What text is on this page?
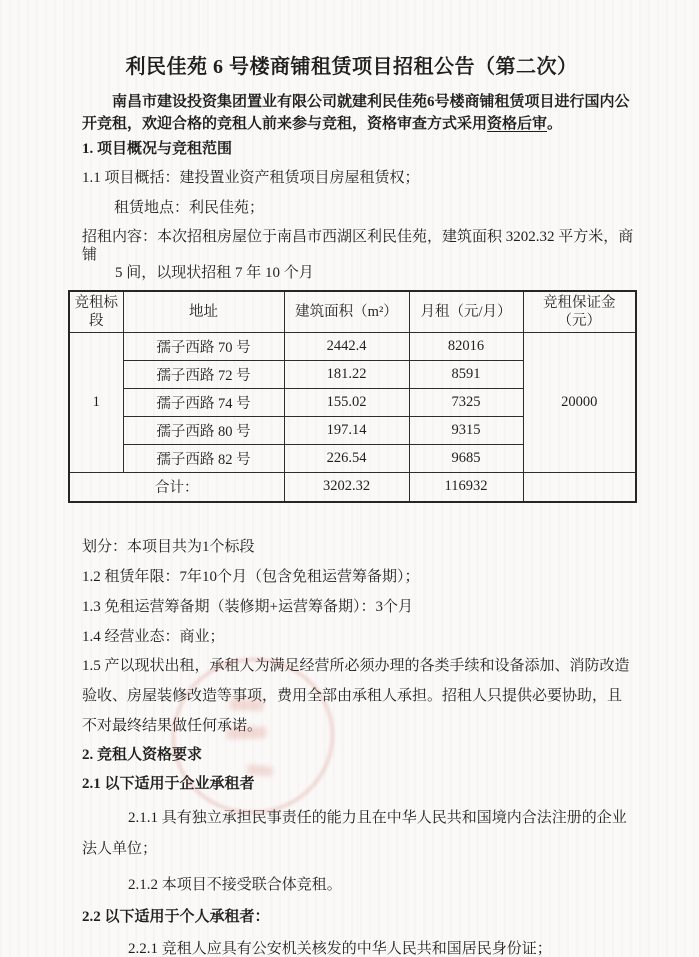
利民佳苑 6 号楼商铺租赁项目招租公告（第二次）

南昌市建设投资集团置业有限公司就建利民佳苑6号楼商铺租赁项目进行国内公开竞租，欢迎合格的竞租人前来参与竞租，资格审查方式采用资格后审。

1. 项目概况与竞租范围

1.1 项目概括：建投置业资产租赁项目房屋租赁权；

租赁地点：利民佳苑；

招租内容：本次招租房屋位于南昌市西湖区利民佳苑，建筑面积 3202.32 平方米，商铺

5 间，以现状招租 7 年 10 个月

竞租标段	地址	建筑面积（m²）	月租（元/月）	竞租保证金
（元）

1	孺子西路 70 号	2442.4	82016	20000
	孺子西路 72 号	181.22	8591	
	孺子西路 74 号	155.02	7325	
	孺子西路 80 号	197.14	9315	
	孺子西路 82 号	226.54	9685	
合计：		3202.32	116932	

划分：本项目共为1个标段

1.2 租赁年限：7年10个月（包含免租运营筹备期）；

1.3 免租运营筹备期（装修期+运营筹备期）：3个月

1.4 经营业态：商业；

1.5 产以现状出租，承租人为满足经营所必须办理的各类手续和设备添加、消防改造验收、房屋装修改造等事项，费用全部由承租人承担。招租人只提供必要协助，且不对最终结果做任何承诺。

2. 竞租人资格要求

2.1 以下适用于企业承租者

2.1.1 具有独立承担民事责任的能力且在中华人民共和国境内合法注册的企业法人单位；

2.1.2 本项目不接受联合体竞租。

2.2 以下适用于个人承租者：

2.2.1 竞租人应具有公安机关核发的中华人民共和国居民身份证；
